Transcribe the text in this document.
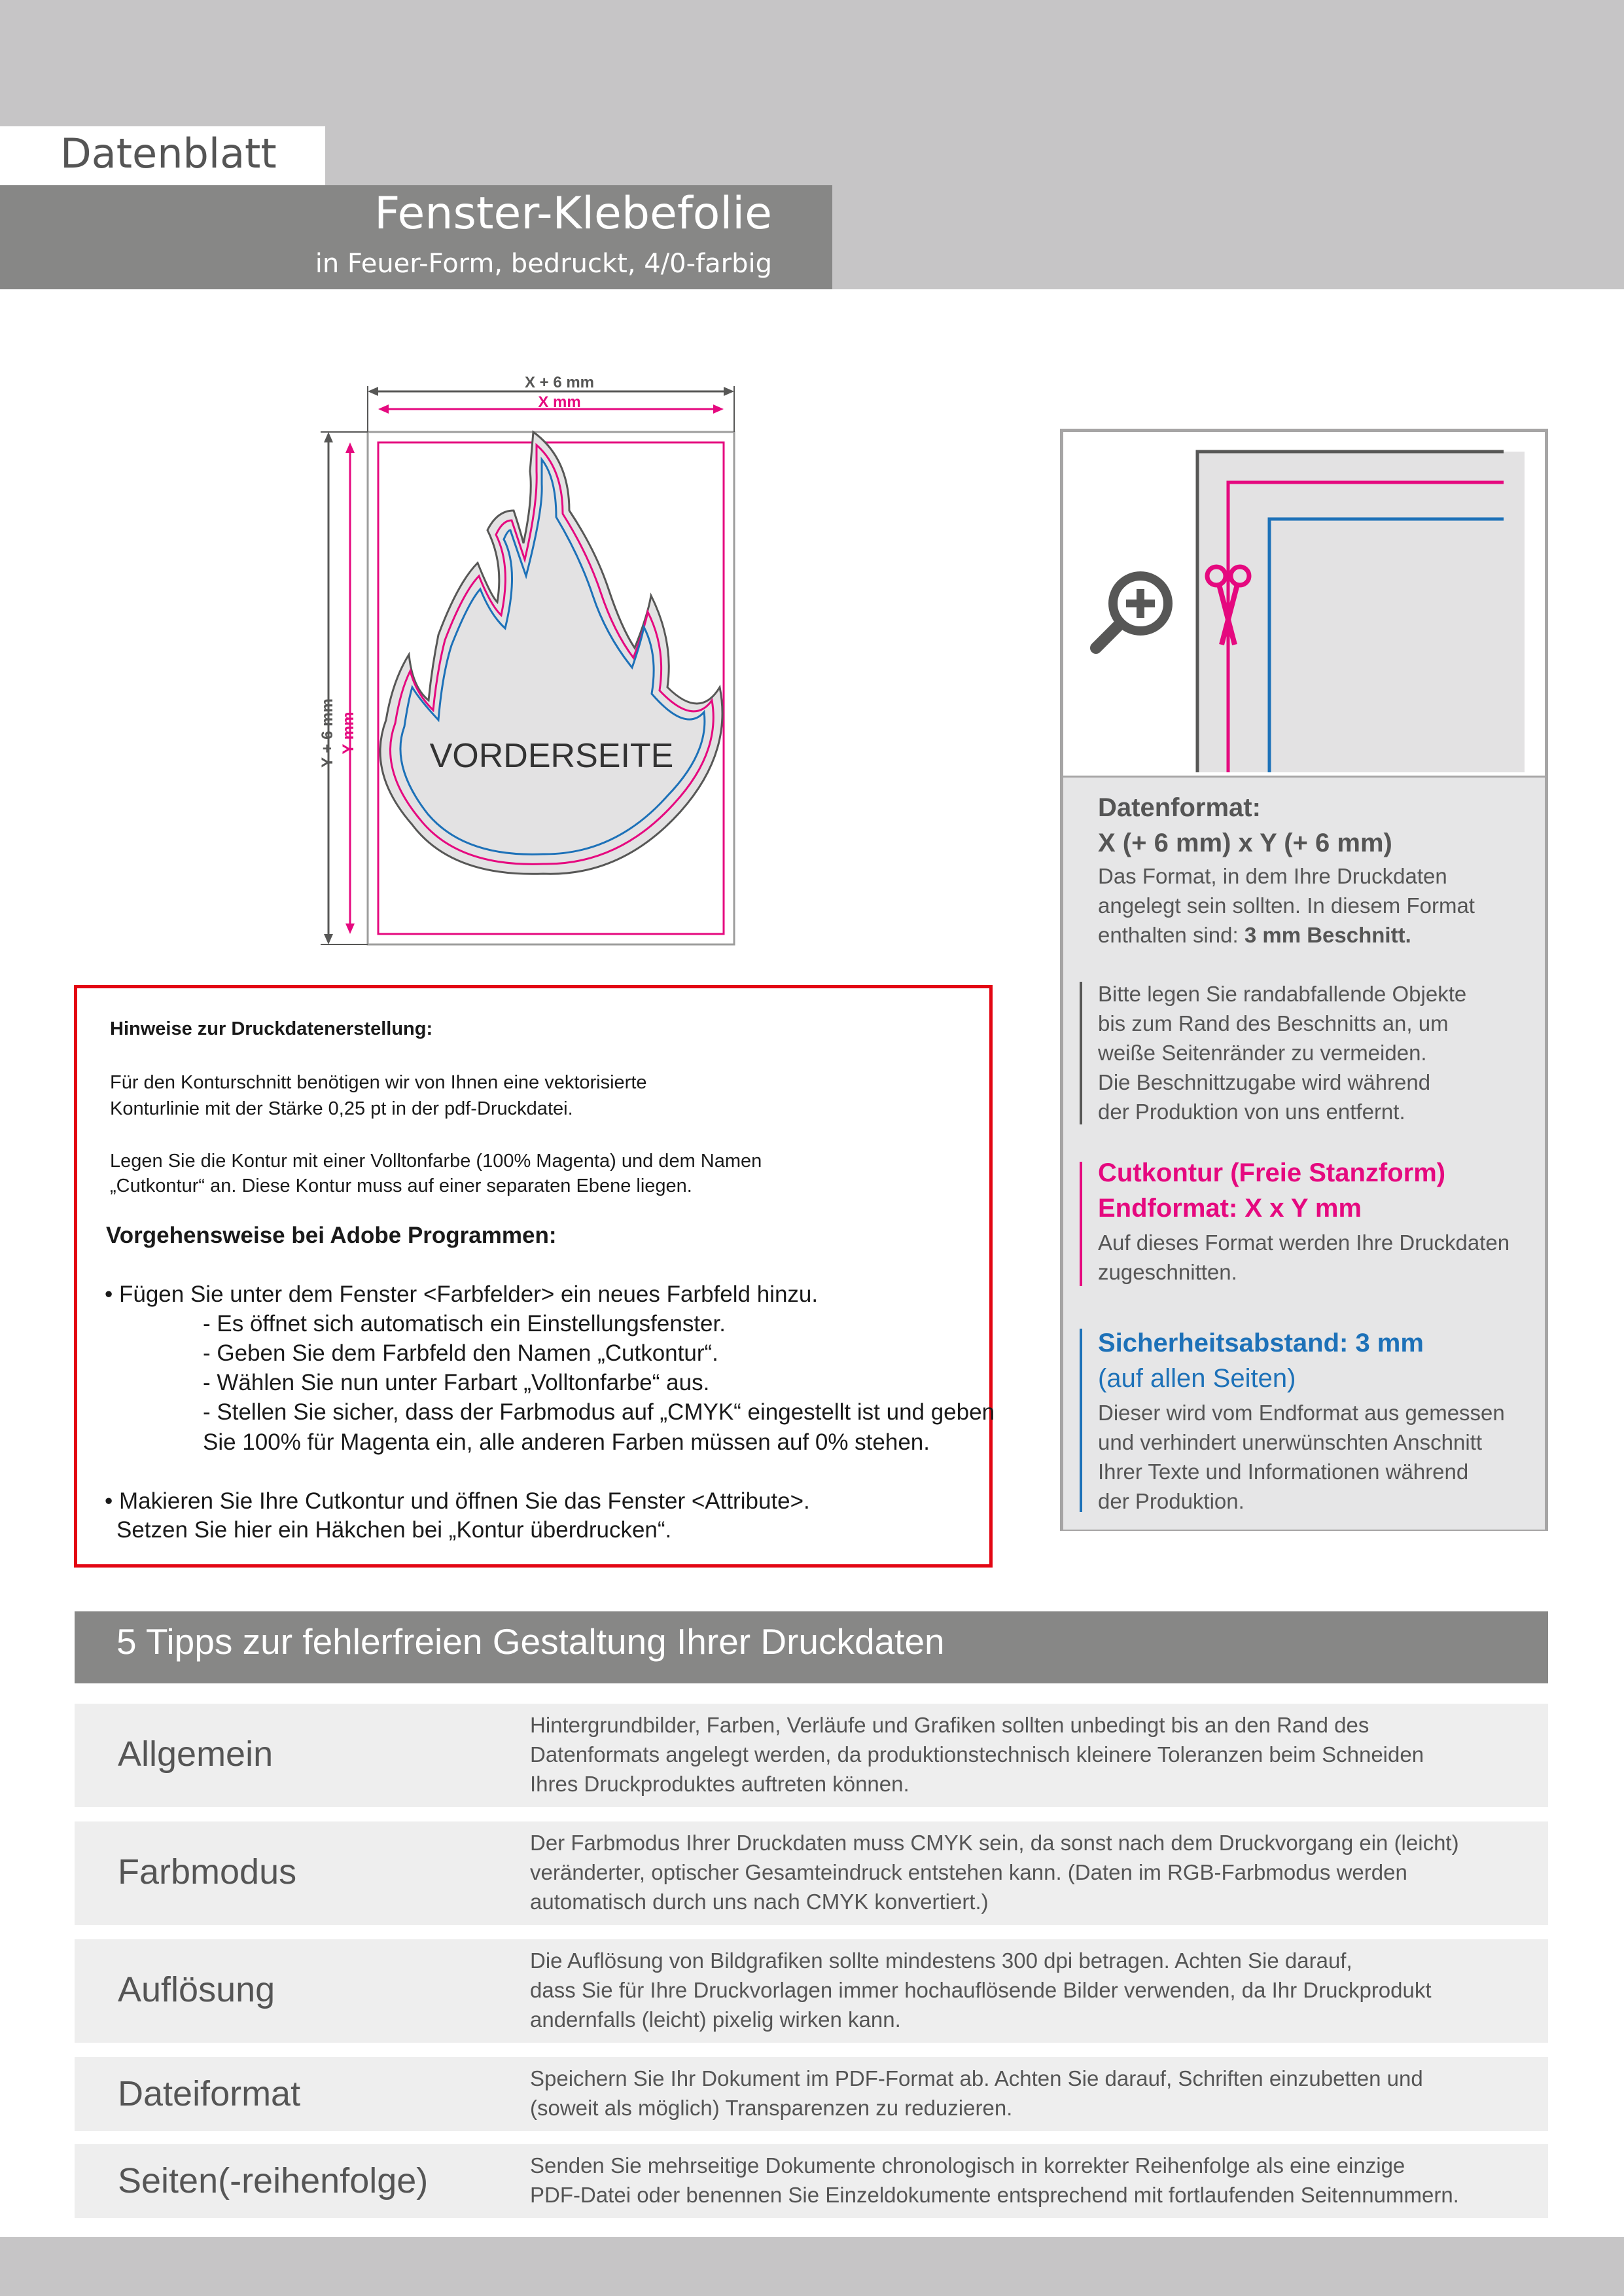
Datenblatt
Fenster-Klebefolie
in Feuer-Form, bedruckt, 4/0-farbig
X + 6 mm
X mm
Y + 6 mm Y mm
VORDERSEITE
Hinweise zur Druckdatenerstellung:
Für den Konturschnitt benötigen wir von Ihnen eine vektorisierte
Konturlinie mit der Stärke 0,25 pt in der pdf-Druckdatei.
Legen Sie die Kontur mit einer Volltonfarbe (100% Magenta) und dem Namen
„Cutkontur“ an. Diese Kontur muss auf einer separaten Ebene liegen.
Vorgehensweise bei Adobe Programmen:
• Fügen Sie unter dem Fenster <Farbfelder> ein neues Farbfeld hinzu.
- Es öffnet sich automatisch ein Einstellungsfenster.
- Geben Sie dem Farbfeld den Namen „Cutkontur“.
- Wählen Sie nun unter Farbart „Volltonfarbe“ aus.
- Stellen Sie sicher, dass der Farbmodus auf „CMYK“ eingestellt ist und geben
Sie 100% für Magenta ein, alle anderen Farben müssen auf 0% stehen.
• Makieren Sie Ihre Cutkontur und öffnen Sie das Fenster <Attribute>.
Setzen Sie hier ein Häkchen bei „Kontur überdrucken“.
Datenformat:
X (+ 6 mm) x Y (+ 6 mm)
Das Format, in dem Ihre Druckdaten
angelegt sein sollten. In diesem Format
enthalten sind: 3 mm Beschnitt.
Bitte legen Sie randabfallende Objekte
bis zum Rand des Beschnitts an, um
weiße Seitenränder zu vermeiden.
Die Beschnittzugabe wird während
der Produktion von uns entfernt.
Cutkontur (Freie Stanzform)
Endformat: X x Y mm
Auf dieses Format werden Ihre Druckdaten
zugeschnitten.
Sicherheitsabstand: 3 mm
(auf allen Seiten)
Dieser wird vom Endformat aus gemessen
und verhindert unerwünschten Anschnitt
Ihrer Texte und Informationen während
der Produktion.
5 Tipps zur fehlerfreien Gestaltung Ihrer Druckdaten
Allgemein
Hintergrundbilder, Farben, Verläufe und Grafiken sollten unbedingt bis an den Rand des
Datenformats angelegt werden, da produktionstechnisch kleinere Toleranzen beim Schneiden
Ihres Druckproduktes auftreten können.
Farbmodus
Der Farbmodus Ihrer Druckdaten muss CMYK sein, da sonst nach dem Druckvorgang ein (leicht)
veränderter, optischer Gesamteindruck entstehen kann. (Daten im RGB-Farbmodus werden
automatisch durch uns nach CMYK konvertiert.)
Auflösung
Die Auflösung von Bildgrafiken sollte mindestens 300 dpi betragen. Achten Sie darauf,
dass Sie für Ihre Druckvorlagen immer hochauflösende Bilder verwenden, da Ihr Druckprodukt
andernfalls (leicht) pixelig wirken kann.
Dateiformat	Speichern Sie Ihr Dokument im PDF-Format ab. Achten Sie darauf, Schriften einzubetten und
(soweit als möglich) Transparenzen zu reduzieren.
Seiten(-reihenfolge)	Senden Sie mehrseitige Dokumente chronologisch in korrekter Reihenfolge als eine einzige
PDF-Datei oder benennen Sie Einzeldokumente entsprechend mit fortlaufenden Seitennummern.
